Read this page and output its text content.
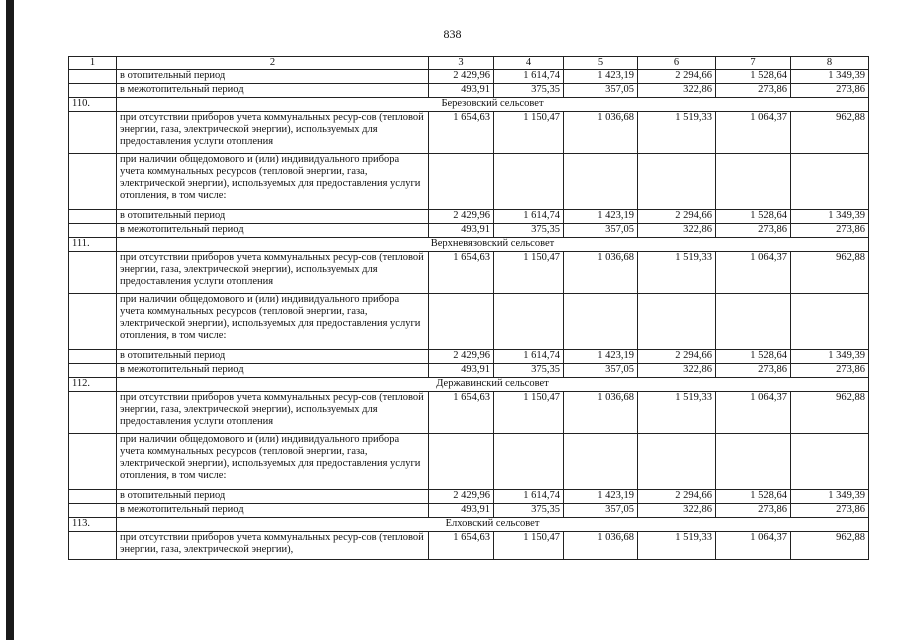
838
1	2	3	4	5	6	7	8
	в отопительный период	2 429,96	1 614,74	1 423,19	2 294,66	1 528,64	1 349,39
	в межотопительный период	493,91	375,35	357,05	322,86	273,86	273,86
110.	Березовский сельсовет						
	при отсутствии приборов учета коммунальных ресур-сов (тепловой энергии, газа, электрической энергии), используемых для предоставления услуги отопления	1 654,63	1 150,47	1 036,68	1 519,33	1 064,37	962,88
	при наличии общедомового и (или) индивидуального прибора учета коммунальных ресурсов (тепловой энергии, газа, электрической энергии), используемых для предоставления услуги отопления, в том числе:						
	в отопительный период	2 429,96	1 614,74	1 423,19	2 294,66	1 528,64	1 349,39
	в межотопительный период	493,91	375,35	357,05	322,86	273,86	273,86
111.	Верхневязовский сельсовет						
	при отсутствии приборов учета коммунальных ресур-сов (тепловой энергии, газа, электрической энергии), используемых для предоставления услуги отопления	1 654,63	1 150,47	1 036,68	1 519,33	1 064,37	962,88
	при наличии общедомового и (или) индивидуального прибора учета коммунальных ресурсов (тепловой энергии, газа, электрической энергии), используемых для предоставления услуги отопления, в том числе:						
	в отопительный период	2 429,96	1 614,74	1 423,19	2 294,66	1 528,64	1 349,39
	в межотопительный период	493,91	375,35	357,05	322,86	273,86	273,86
112.	Державинский сельсовет						
	при отсутствии приборов учета коммунальных ресур-сов (тепловой энергии, газа, электрической энергии), используемых для предоставления услуги отопления	1 654,63	1 150,47	1 036,68	1 519,33	1 064,37	962,88
	при наличии общедомового и (или) индивидуального прибора учета коммунальных ресурсов (тепловой энергии, газа, электрической энергии), используемых для предоставления услуги отопления, в том числе:						
	в отопительный период	2 429,96	1 614,74	1 423,19	2 294,66	1 528,64	1 349,39
	в межотопительный период	493,91	375,35	357,05	322,86	273,86	273,86
113.	Елховский сельсовет						
	при отсутствии приборов учета коммунальных ресур-сов (тепловой энергии, газа, электрической энергии),	1 654,63	1 150,47	1 036,68	1 519,33	1 064,37	962,88
